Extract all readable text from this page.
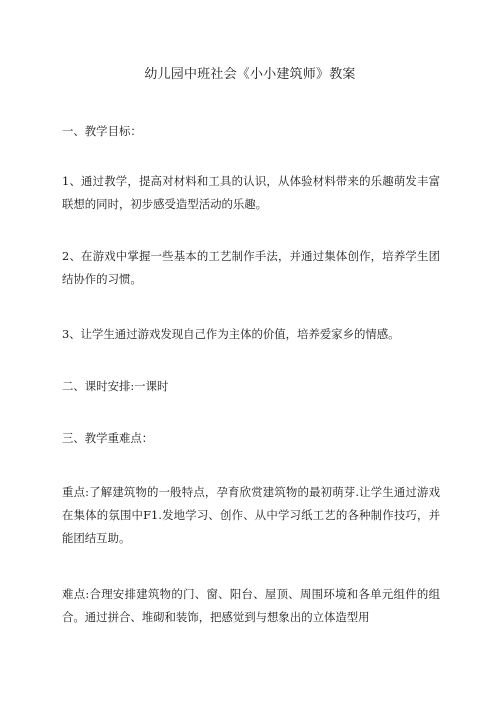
幼儿园中班社会《小小建筑师》教案
一、教学目标：
1、通过教学，提高对材料和工具的认识，从体验材料带来的乐趣萌发丰富联想的同时，初步感受造型活动的乐趣。
2、在游戏中掌握一些基本的工艺制作手法，并通过集体创作，培养学生团结协作的习惯。
3、让学生通过游戏发现自己作为主体的价值，培养爱家乡的情感。
二、课时安排:一课时
三、教学重难点：
重点:了解建筑物的一般特点，孕育欣赏建筑物的最初萌芽.让学生通过游戏在集体的氛围中F1.发地学习、创作、从中学习纸工艺的各种制作技巧，并能团结互助。
难点:合理安排建筑物的门、窗、阳台、屋顶、周围环境和各单元组件的组合。通过拼合、堆砌和装饰，把感觉到与想象出的立体造型用
